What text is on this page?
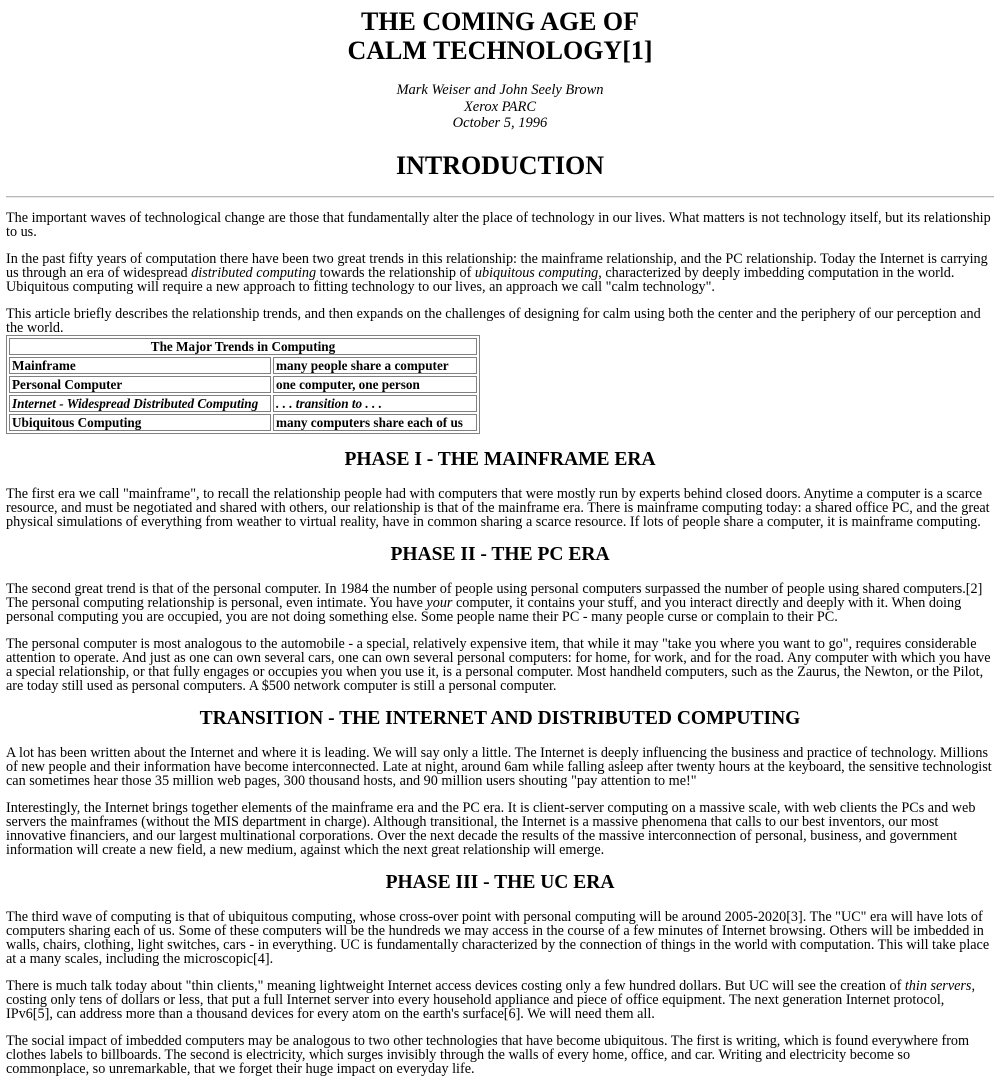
THE COMING AGE OF
CALM TECHNOLOGY[1]
Mark Weiser and John Seely Brown
Xerox PARC
October 5, 1996
INTRODUCTION

The important waves of technological change are those that fundamentally alter the place of technology in our lives. What matters is not technology itself, but its relationship to us.

In the past fifty years of computation there have been two great trends in this relationship: the mainframe relationship, and the PC relationship. Today the Internet is carrying us through an era of widespread distributed computing towards the relationship of ubiquitous computing, characterized by deeply imbedding computation in the world. Ubiquitous computing will require a new approach to fitting technology to our lives, an approach we call "calm technology".

This article briefly describes the relationship trends, and then expands on the challenges of designing for calm using both the center and the periphery of our perception and the world.

The Major Trends in Computing	
Mainframe	many people share a computer
Personal Computer	one computer, one person
Internet - Widespread Distributed Computing	. . . transition to . . .
Ubiquitous Computing	many computers share each of us
PHASE I - THE MAINFRAME ERA

The first era we call "mainframe", to recall the relationship people had with computers that were mostly run by experts behind closed doors. Anytime a computer is a scarce resource, and must be negotiated and shared with others, our relationship is that of the mainframe era. There is mainframe computing today: a shared office PC, and the great physical simulations of everything from weather to virtual reality, have in common sharing a scarce resource. If lots of people share a computer, it is mainframe computing.

PHASE II - THE PC ERA

The second great trend is that of the personal computer. In 1984 the number of people using personal computers surpassed the number of people using shared computers.[2] The personal computing relationship is personal, even intimate. You have your computer, it contains your stuff, and you interact directly and deeply with it. When doing personal computing you are occupied, you are not doing something else. Some people name their PC - many people curse or complain to their PC.

The personal computer is most analogous to the automobile - a special, relatively expensive item, that while it may "take you where you want to go", requires considerable attention to operate. And just as one can own several cars, one can own several personal computers: for home, for work, and for the road. Any computer with which you have a special relationship, or that fully engages or occupies you when you use it, is a personal computer. Most handheld computers, such as the Zaurus, the Newton, or the Pilot, are today still used as personal computers. A $500 network computer is still a personal computer.

TRANSITION - THE INTERNET AND DISTRIBUTED COMPUTING

A lot has been written about the Internet and where it is leading. We will say only a little. The Internet is deeply influencing the business and practice of technology. Millions of new people and their information have become interconnected. Late at night, around 6am while falling asleep after twenty hours at the keyboard, the sensitive technologist can sometimes hear those 35 million web pages, 300 thousand hosts, and 90 million users shouting "pay attention to me!"

Interestingly, the Internet brings together elements of the mainframe era and the PC era. It is client-server computing on a massive scale, with web clients the PCs and web servers the mainframes (without the MIS department in charge). Although transitional, the Internet is a massive phenomena that calls to our best inventors, our most innovative financiers, and our largest multinational corporations. Over the next decade the results of the massive interconnection of personal, business, and government information will create a new field, a new medium, against which the next great relationship will emerge.

PHASE III - THE UC ERA

The third wave of computing is that of ubiquitous computing, whose cross-over point with personal computing will be around 2005-2020[3]. The "UC" era will have lots of computers sharing each of us. Some of these computers will be the hundreds we may access in the course of a few minutes of Internet browsing. Others will be imbedded in walls, chairs, clothing, light switches, cars - in everything. UC is fundamentally characterized by the connection of things in the world with computation. This will take place at a many scales, including the microscopic[4].

There is much talk today about "thin clients," meaning lightweight Internet access devices costing only a few hundred dollars. But UC will see the creation of thin servers, costing only tens of dollars or less, that put a full Internet server into every household appliance and piece of office equipment. The next generation Internet protocol, IPv6[5], can address more than a thousand devices for every atom on the earth's surface[6]. We will need them all.

The social impact of imbedded computers may be analogous to two other technologies that have become ubiquitous. The first is writing, which is found everywhere from clothes labels to billboards. The second is electricity, which surges invisibly through the walls of every home, office, and car. Writing and electricity become so commonplace, so unremarkable, that we forget their huge impact on everyday life.
